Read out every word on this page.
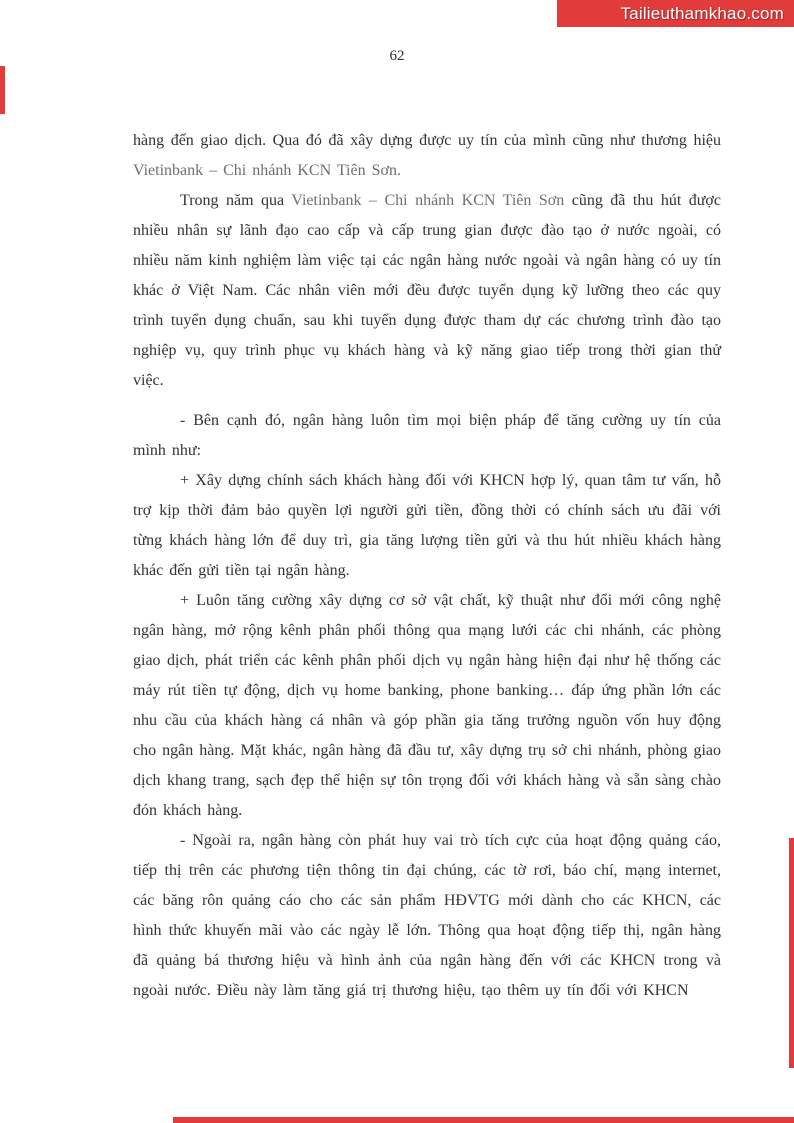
Tailieuthamkhao.com
62

hàng đến giao dịch. Qua đó đã xây dựng được uy tín của mình cũng như thương hiệu Vietinbank – Chi nhánh KCN Tiên Sơn.

Trong năm qua Vietinbank – Chi nhánh KCN Tiên Sơn cũng đã thu hút được nhiều nhân sự lãnh đạo cao cấp và cấp trung gian được đào tạo ở nước ngoài, có nhiều năm kinh nghiệm làm việc tại các ngân hàng nước ngoài và ngân hàng có uy tín khác ở Việt Nam. Các nhân viên mới đều được tuyển dụng kỹ lưỡng theo các quy trình tuyển dụng chuẩn, sau khi tuyển dụng được tham dự các chương trình đào tạo nghiệp vụ, quy trình phục vụ khách hàng và kỹ năng giao tiếp trong thời gian thử việc.

- Bên cạnh đó, ngân hàng luôn tìm mọi biện pháp để tăng cường uy tín của mình như:

+ Xây dựng chính sách khách hàng đối với KHCN hợp lý, quan tâm tư vấn, hỗ trợ kịp thời đảm bảo quyền lợi người gửi tiền, đồng thời có chính sách ưu đãi với từng khách hàng lớn để duy trì, gia tăng lượng tiền gửi và thu hút nhiều khách hàng khác đến gửi tiền tại ngân hàng.

+ Luôn tăng cường xây dựng cơ sở vật chất, kỹ thuật như đổi mới công nghệ ngân hàng, mở rộng kênh phân phối thông qua mạng lưới các chi nhánh, các phòng giao dịch, phát triển các kênh phân phối dịch vụ ngân hàng hiện đại như hệ thống các máy rút tiền tự động, dịch vụ home banking, phone banking… đáp ứng phần lớn các nhu cầu của khách hàng cá nhân và góp phần gia tăng trưởng nguồn vốn huy động cho ngân hàng. Mặt khác, ngân hàng đã đầu tư, xây dựng trụ sở chi nhánh, phòng giao dịch khang trang, sạch đẹp thể hiện sự tôn trọng đối với khách hàng và sẵn sàng chào đón khách hàng.

- Ngoài ra, ngân hàng còn phát huy vai trò tích cực của hoạt động quảng cáo, tiếp thị trên các phương tiện thông tin đại chúng, các tờ rơi, báo chí, mạng internet, các băng rôn quảng cáo cho các sản phẩm HĐVTG mới dành cho các KHCN, các hình thức khuyến mãi vào các ngày lễ lớn. Thông qua hoạt động tiếp thị, ngân hàng đã quảng bá thương hiệu và hình ảnh của ngân hàng đến với các KHCN trong và ngoài nước. Điều này làm tăng giá trị thương hiệu, tạo thêm uy tín đối với KHCN
